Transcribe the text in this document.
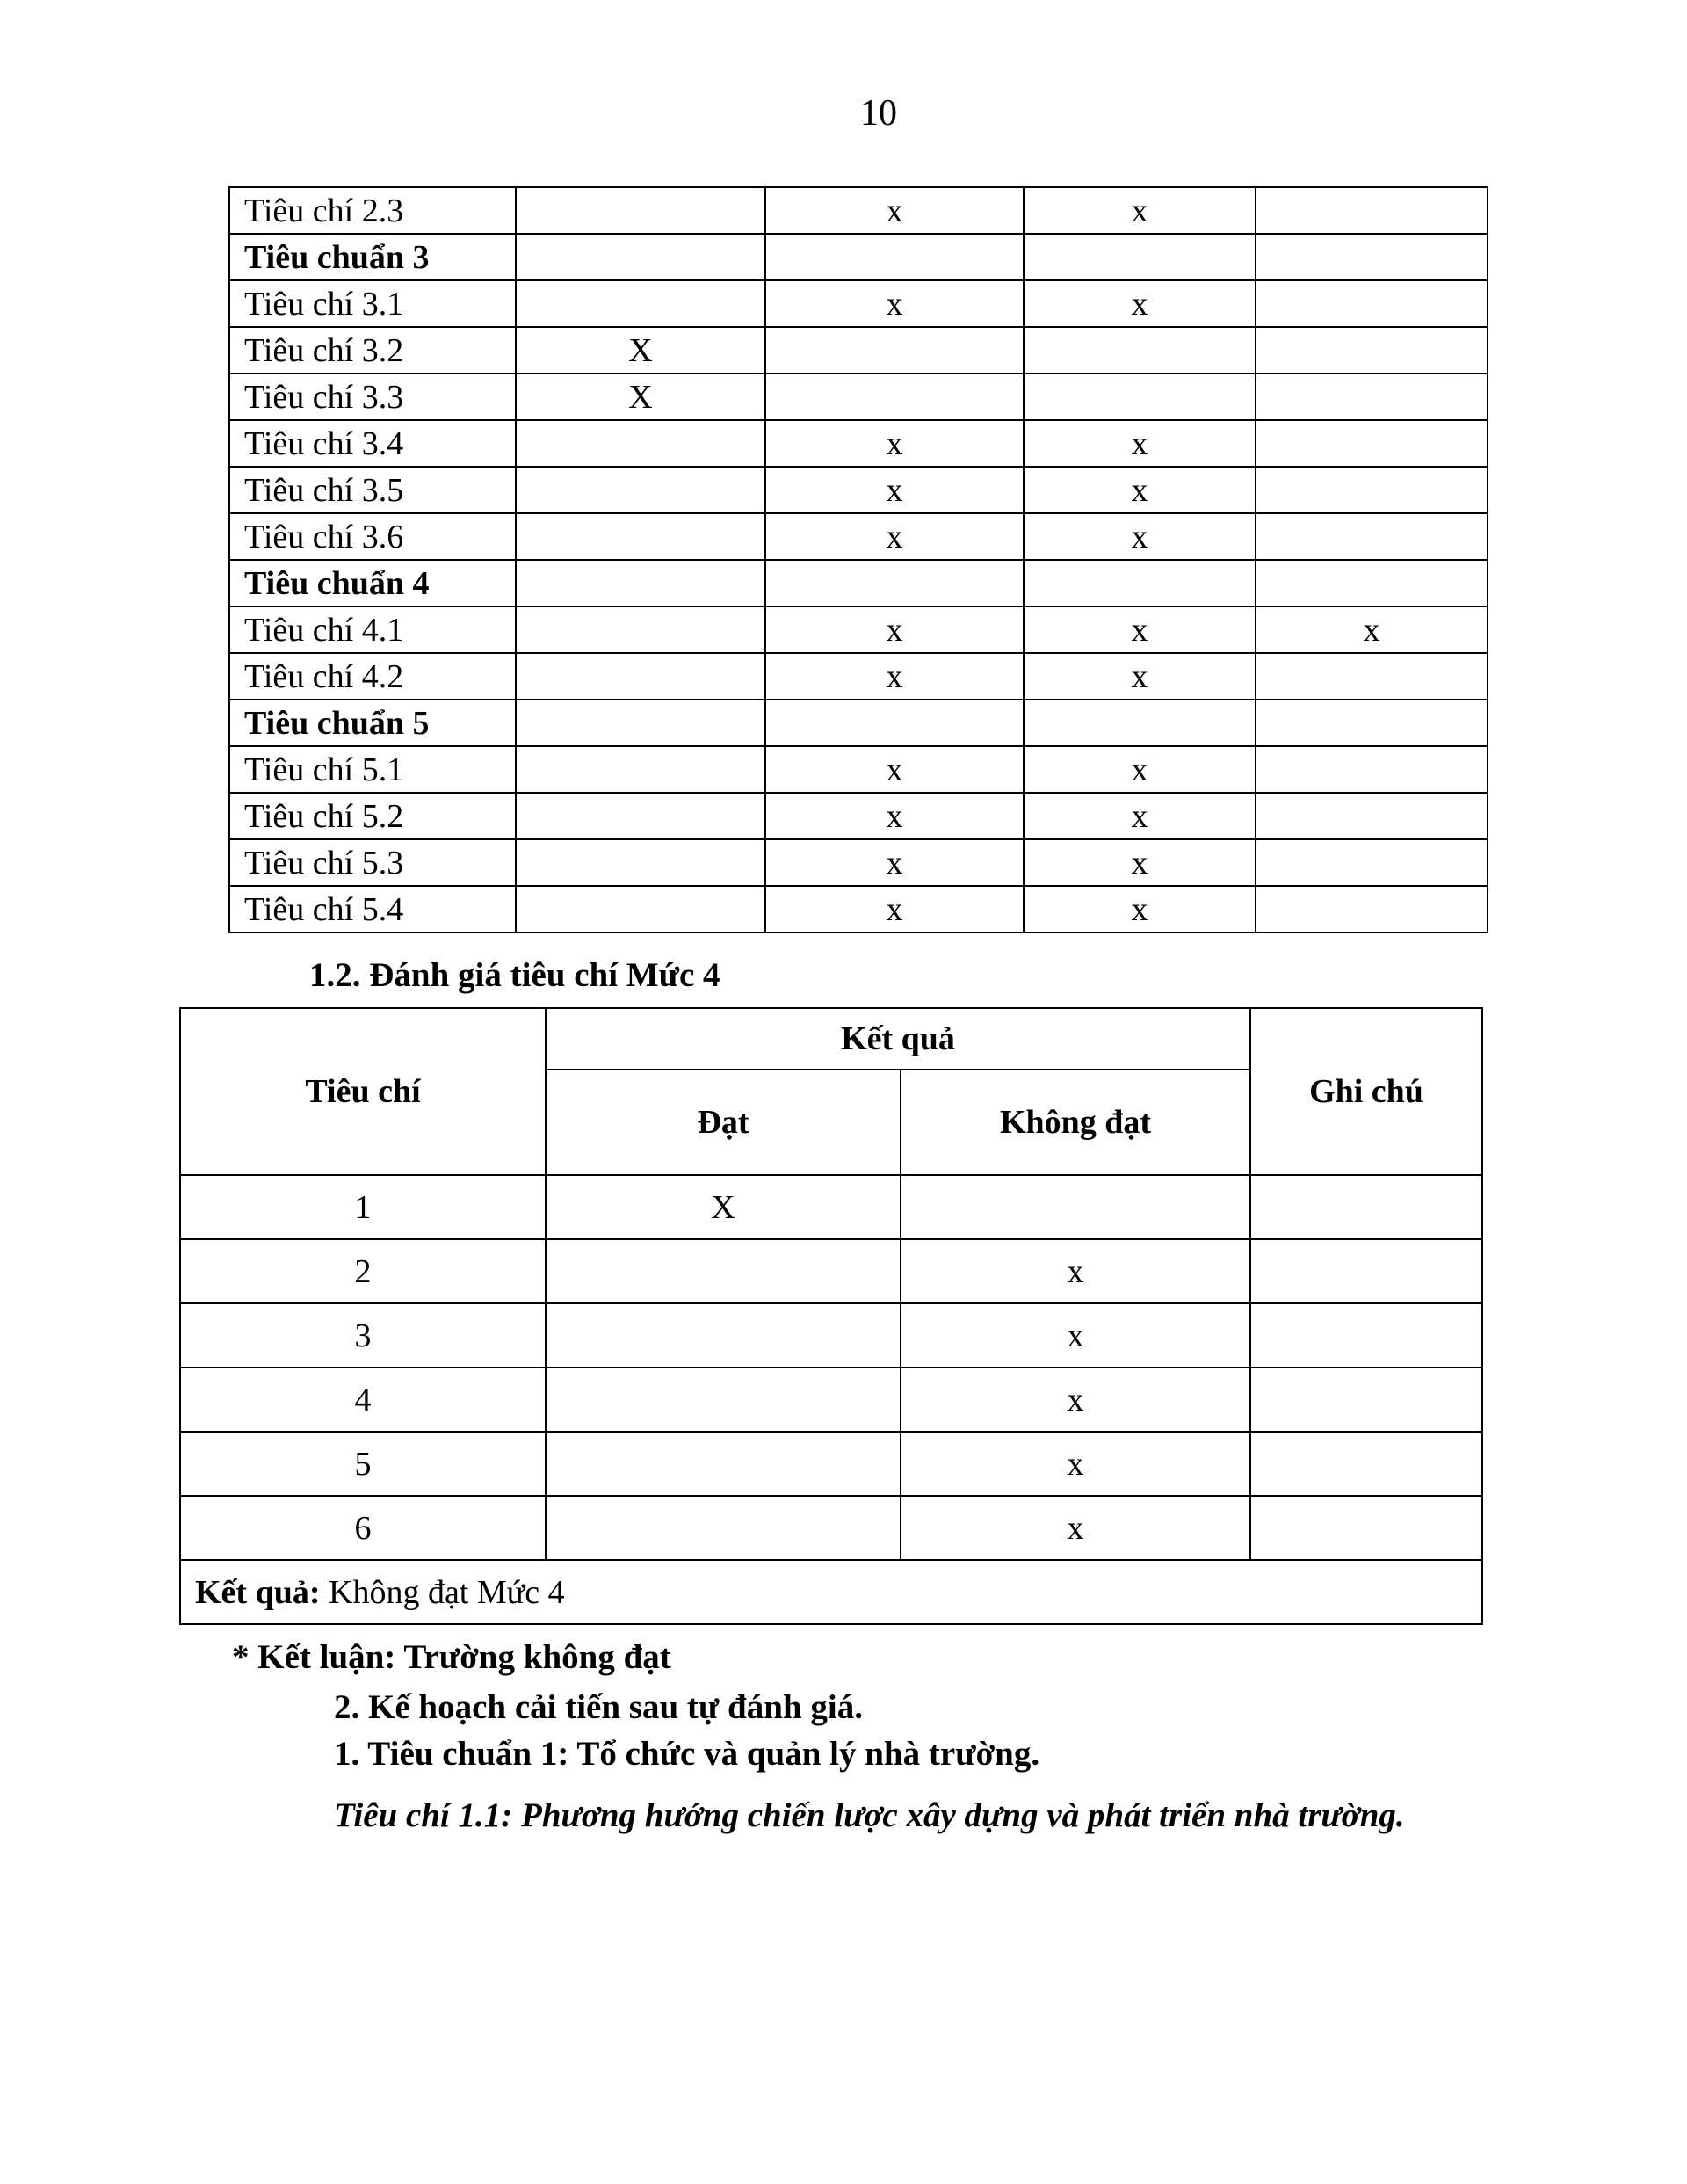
10
Tiêu chí 2.3		x	x	
Tiêu chuẩn 3				
Tiêu chí 3.1		x	x	
Tiêu chí 3.2	X			
Tiêu chí 3.3	X			
Tiêu chí 3.4		x	x	
Tiêu chí 3.5		x	x	
Tiêu chí 3.6		x	x	
Tiêu chuẩn 4				
Tiêu chí 4.1		x	x	x
Tiêu chí 4.2		x	x	
Tiêu chuẩn 5				
Tiêu chí 5.1		x	x	
Tiêu chí 5.2		x	x	
Tiêu chí 5.3		x	x	
Tiêu chí 5.4		x	x	
1.2. Đánh giá tiêu chí Mức 4
Tiêu chí	Kết quả		Ghi chú
	Đạt	Không đạt	
1	X		
2		x	
3		x	
4		x	
5		x	
6		x	
Kết quả: Không đạt Mức 4			
* Kết luận: Trường không đạt
2. Kế hoạch cải tiến sau tự đánh giá.
1. Tiêu chuẩn 1: Tổ chức và quản lý nhà trường.

Tiêu chí 1.1: Phương hướng chiến lược xây dựng và phát triển nhà trường.
